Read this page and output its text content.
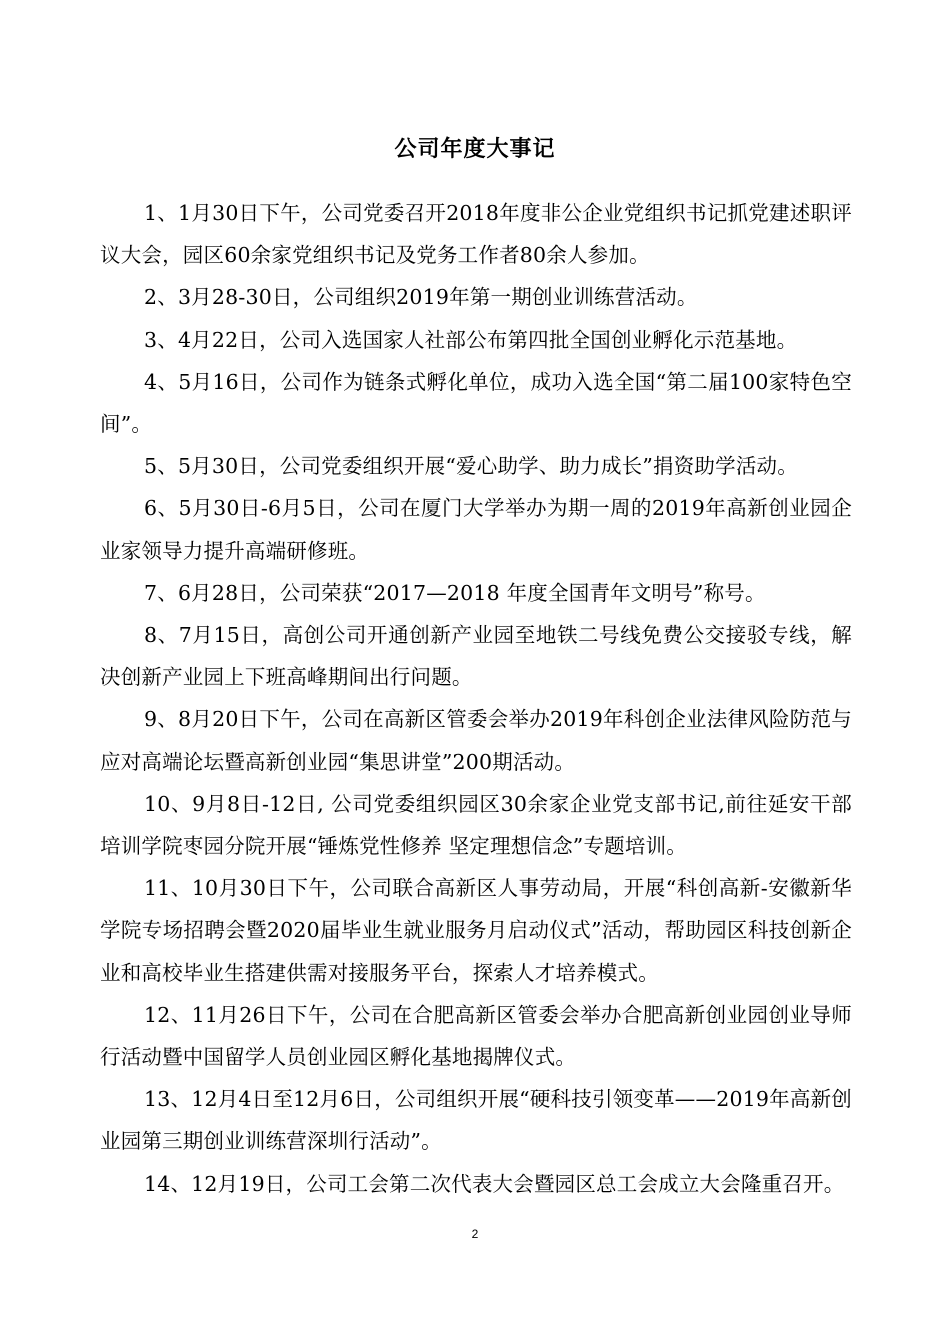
公司年度大事记

1、1月30日下午，公司党委召开2018年度非公企业党组织书记抓党建述职评议大会，园区60余家党组织书记及党务工作者80余人参加。

2、3月28-30日，公司组织2019年第一期创业训练营活动。

3、4月22日，公司入选国家人社部公布第四批全国创业孵化示范基地。

4、5月16日，公司作为链条式孵化单位，成功入选全国“第二届100家特色空间”。

5、5月30日，公司党委组织开展“爱心助学、助力成长”捐资助学活动。

6、5月30日-6月5日，公司在厦门大学举办为期一周的2019年高新创业园企业家领导力提升高端研修班。

7、6月28日，公司荣获“2017—2018 年度全国青年文明号”称号。

8、7月15日，高创公司开通创新产业园至地铁二号线免费公交接驳专线，解决创新产业园上下班高峰期间出行问题。

9、8月20日下午，公司在高新区管委会举办2019年科创企业法律风险防范与应对高端论坛暨高新创业园“集思讲堂”200期活动。

10、9月8日-12日, 公司党委组织园区30余家企业党支部书记,前往延安干部培训学院枣园分院开展“锤炼党性修养 坚定理想信念”专题培训。

11、10月30日下午，公司联合高新区人事劳动局，开展“科创高新-安徽新华学院专场招聘会暨2020届毕业生就业服务月启动仪式”活动，帮助园区科技创新企业和高校毕业生搭建供需对接服务平台，探索人才培养模式。

12、11月26日下午，公司在合肥高新区管委会举办合肥高新创业园创业导师行活动暨中国留学人员创业园区孵化基地揭牌仪式。

13、12月4日至12月6日，公司组织开展“硬科技引领变革——2019年高新创业园第三期创业训练营深圳行活动”。

14、12月19日，公司工会第二次代表大会暨园区总工会成立大会隆重召开。

2
